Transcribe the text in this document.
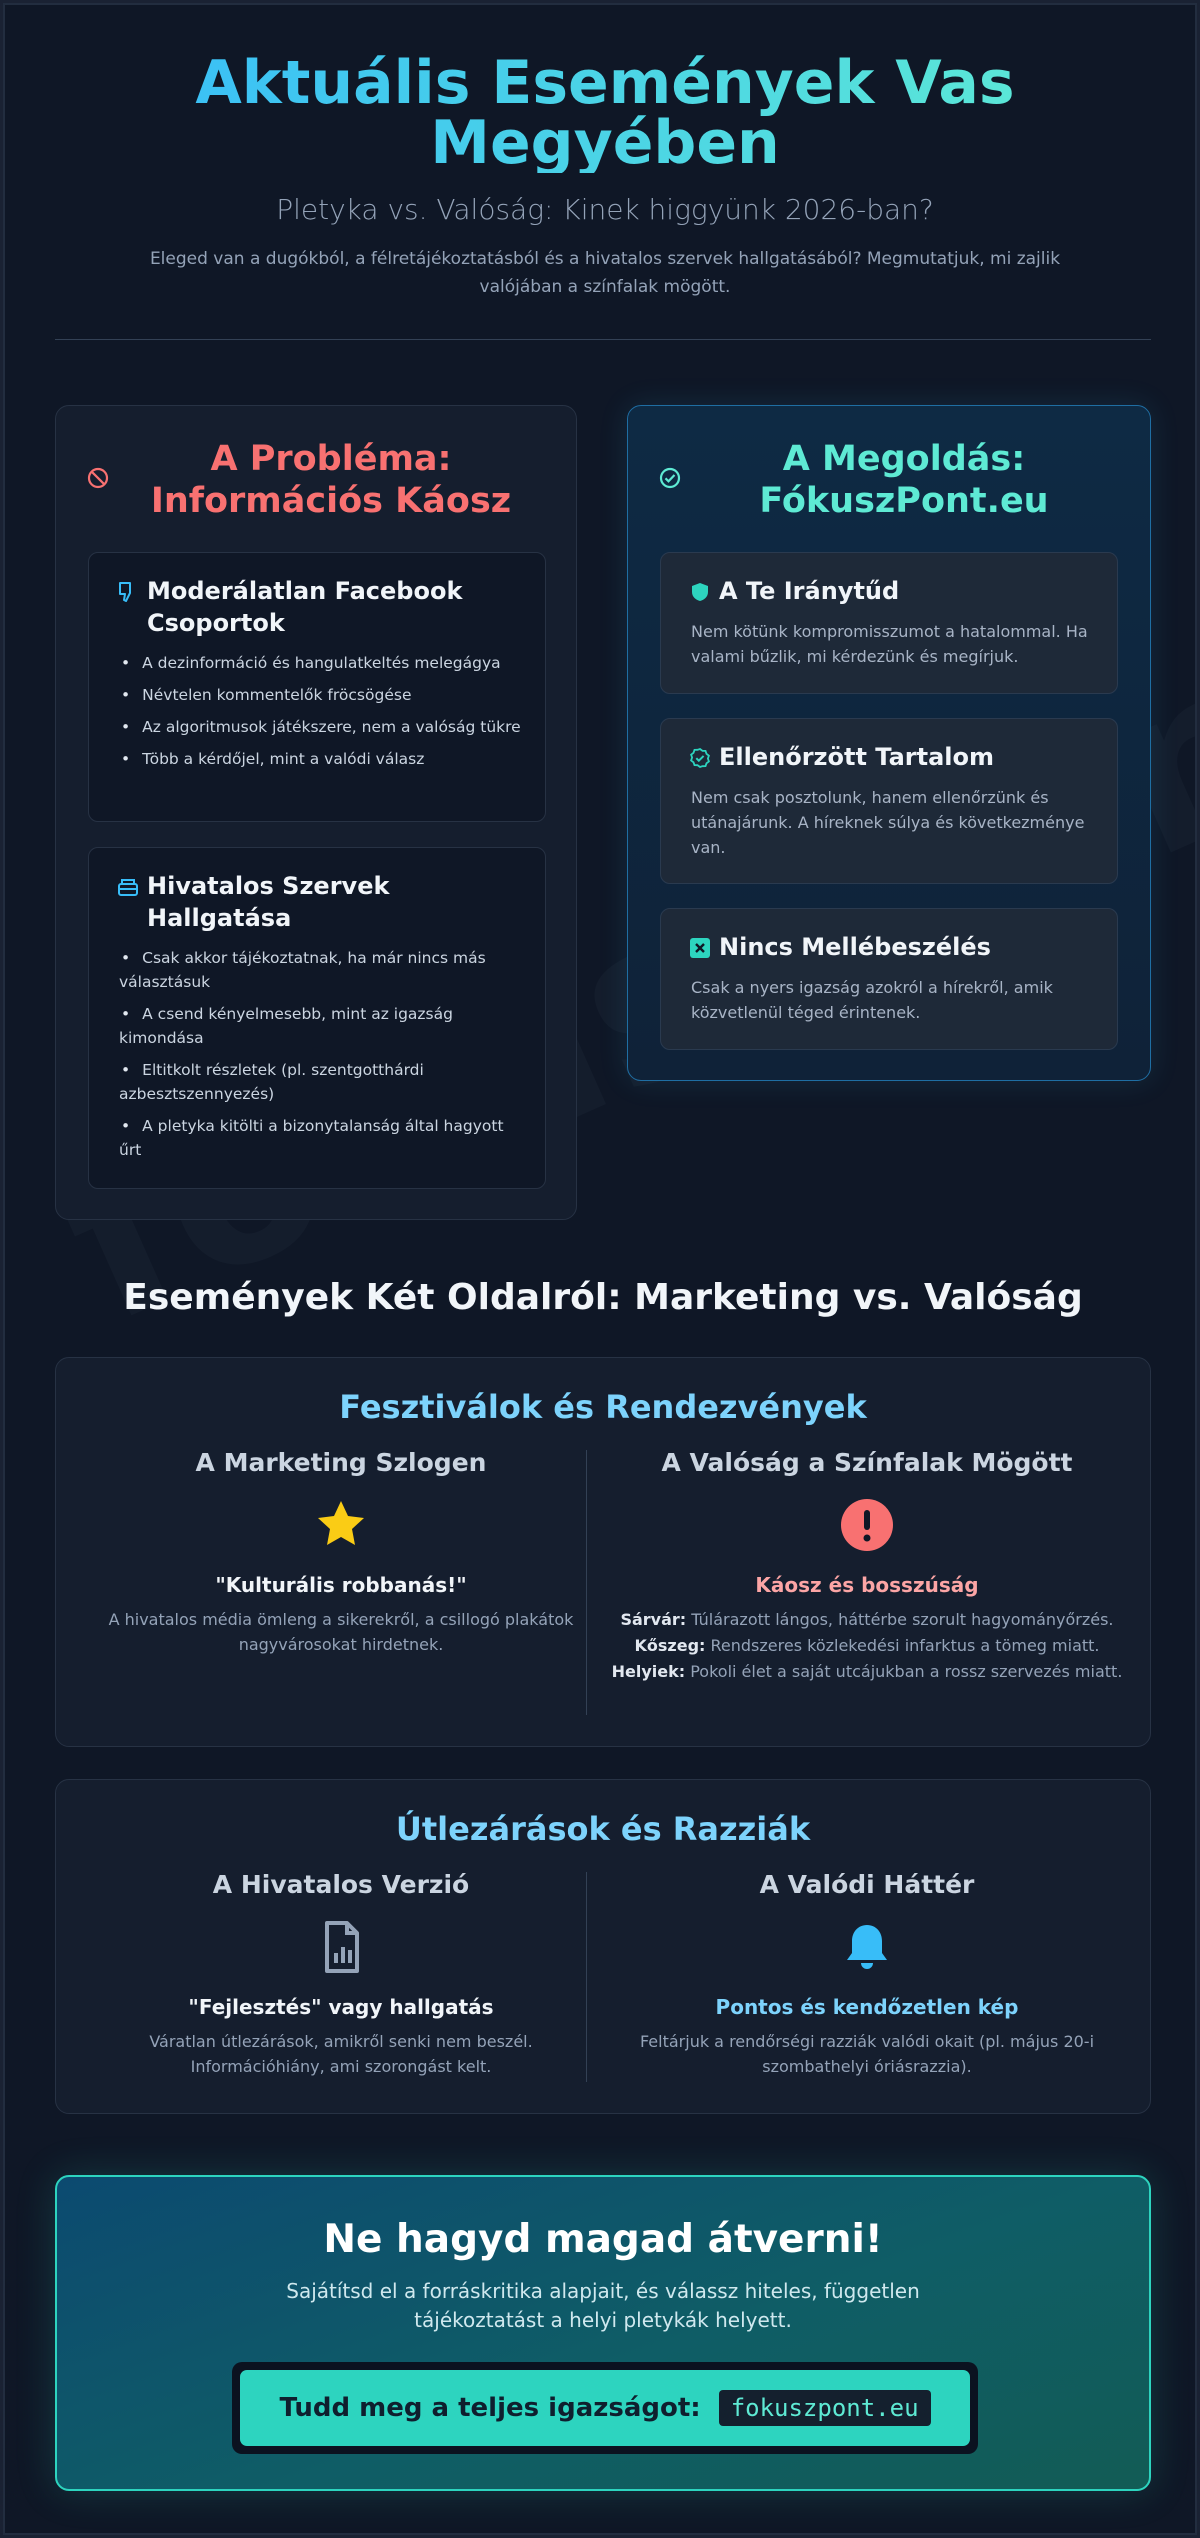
Aktuális Események Vas Megyében
Pletyka vs. Valóság: Kinek higgyünk 2026-ban?

Eleged van a dugókból, a félretájékoztatásból és a hivatalos szervek hallgatásából? Megmutatjuk, mi zajlik valójában a színfalak mögött.

A Probléma: Információs Káosz
Moderálatlan Facebook Csoportok
• A dezinformáció és hangulatkeltés melegágya
• Névtelen kommentelők fröcsögése
• Az algoritmusok játékszere, nem a valóság tükre
• Több a kérdőjel, mint a valódi válasz
Hivatalos Szervek Hallgatása
• Csak akkor tájékoztatnak, ha már nincs más választásuk
• A csend kényelmesebb, mint az igazság kimondása
• Eltitkolt részletek (pl. szentgotthárdi azbesztszennyezés)
• A pletyka kitölti a bizonytalanság által hagyott űrt
A Megoldás: FókuszPont.eu
A Te Iránytűd

Nem kötünk kompromisszumot a hatalommal. Ha valami bűzlik, mi kérdezünk és megírjuk.

Ellenőrzött Tartalom

Nem csak posztolunk, hanem ellenőrzünk és utánajárunk. A híreknek súlya és következménye van.

Nincs Mellébeszélés

Csak a nyers igazság azokról a hírekről, amik közvetlenül téged érintenek.

Események Két Oldalról: Marketing vs. Valóság
Fesztiválok és Rendezvények
A Marketing Szlogen
"Kulturális robbanás!"

A hivatalos média ömleng a sikerekről, a csillogó plakátok nagyvárosokat hirdetnek.

A Valóság a Színfalak Mögött
Káosz és bosszúság
Sárvár: Túlárazott lángos, háttérbe szorult hagyományőrzés.
Kőszeg: Rendszeres közlekedési infarktus a tömeg miatt.
Helyiek: Pokoli élet a saját utcájukban a rossz szervezés miatt.
Útlezárások és Razziák
A Hivatalos Verzió
"Fejlesztés" vagy hallgatás

Váratlan útlezárások, amikről senki nem beszél. Információhiány, ami szorongást kelt.

A Valódi Háttér
Pontos és kendőzetlen kép

Feltárjuk a rendőrségi razziák valódi okait (pl. május 20-i szombathelyi óriásrazzia).

Ne hagyd magad átverni!

Sajátítsd el a forráskritika alapjait, és válassz hiteles, független tájékoztatást a helyi pletykák helyett.

Tudd meg a teljes igazságot:	fokuszpont.eu
